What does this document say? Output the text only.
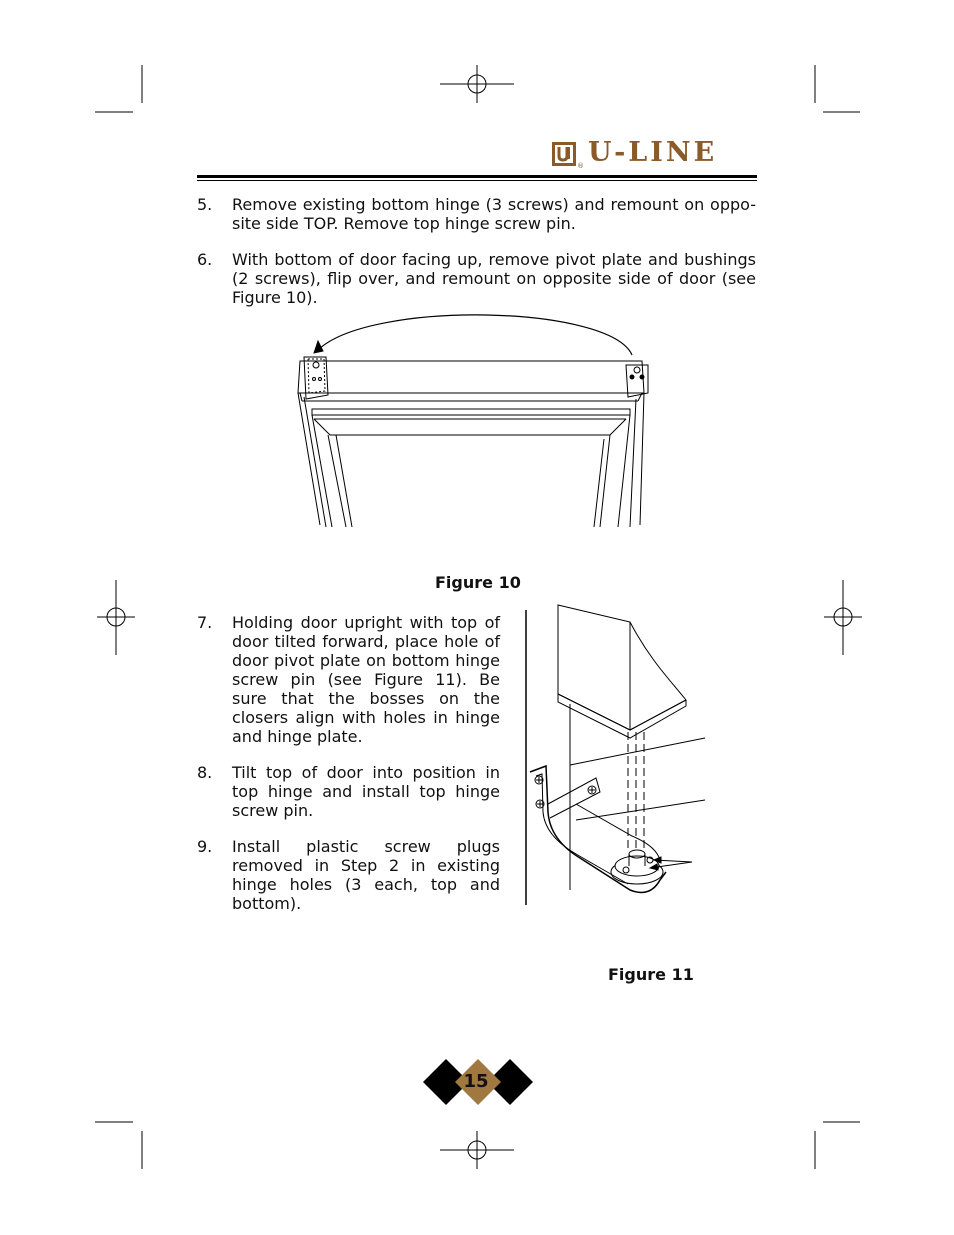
® U-LINE
5. Remove existing bottom hinge (3 screws) and remount on oppo-site side TOP. Remove top hinge screw pin.
6. With bottom of door facing up, remove pivot plate and bushings (2 screws), flip over, and remount on opposite side of door (see Figure 10).
Figure 10
7. Holding door upright with top of door tilted forward, place hole of door pivot plate on bottom hinge screw pin (see Figure 11). Be sure that the bosses on the closers align with holes in hinge and hinge plate.
8. Tilt top of door into position in top hinge and install top hinge screw pin.
9. Install plastic screw plugs removed in Step 2 in existing hinge holes (3 each, top and bottom).
Figure 11
15
